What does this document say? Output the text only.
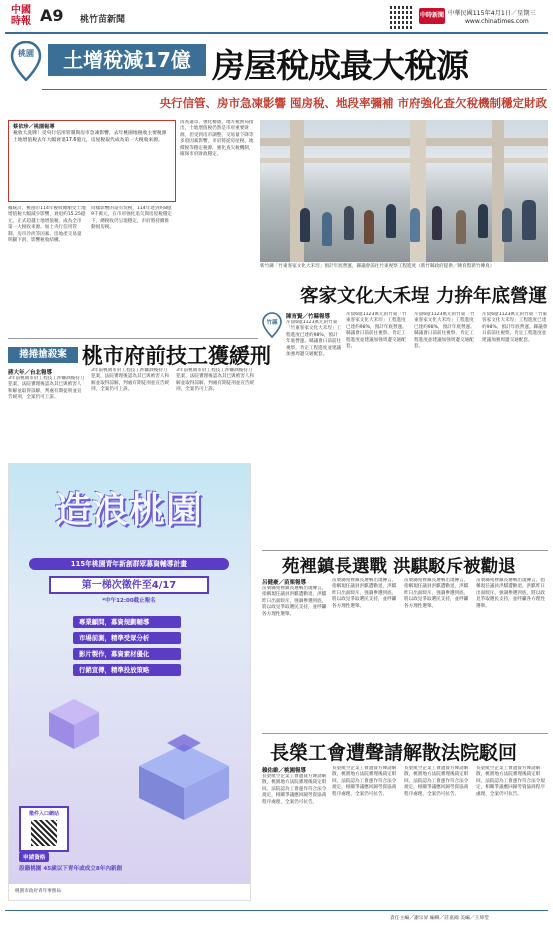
中國
時報 A9 桃竹苗新聞	中時新聞 中華民國115年4月1日／星期三
www.chinatimes.com
桃園	土增稅減17億 房屋稅成最大稅源
央行信管、房市急凍影響 囤房稅、地段率彌補 市府強化查欠稅機制穩定財政
蔡依珍／桃園報導
稅收大洗牌！受央行信用管制與房市急凍影響，去年桃園地稅收主要稅源土地增值稅去年大幅衰退17.6億元，房屋稅取代成為第一大稅收來源。
據統計，桃園市114年稅收總額受土地增值稅大幅減少影響，衰退約15.25億元，正式超越土地增值稅，成為全市第一大稅收來源。加上央行信用管制、房市冷淡等因素，房地產交易量明顯下滑，影響稅收結構。
同樣影響的還有契稅，114年達到約8億9千萬元，在市府強化追欠與房屋稅穩定下，總稅收仍呈現穩定，市府將持續推動囤房稅。
清查違章、強化稽徵，地方稅務局指出，土地增值稅仍然是市府重要財源，但受到房市調整、交易量下降等多項因素影響，市府將從房屋稅、地價稅等穩定稅源，強化查欠稅機制，確保市府財政穩定。
新竹縣「竹東客家文化大禾埕」預計年底營運，縣議會前往竹東視察工程進度（新竹縣政府提供／陳育賢新竹傳真）
客家文化大禾埕 力拚年底營運
捲捲搶殺案 桃市府前技工獲緩刑
蔣大年／台北報導
3年前桃園市府工程技工涉嫌酒後持刀犯案，法院審理後認為其已與被害人和解並取得諒解，判處有期徒刑並宣告緩刑，全案仍可上訴。
3年前桃園市府工程技工涉嫌酒後持刀犯案，法院審理後認為其已與被害人和解並取得諒解，判處有期徒刑並宣告緩刑，全案仍可上訴。
3年前桃園市府工程技工涉嫌酒後持刀犯案，法院審理後認為其已與被害人和解並取得諒解，判處有期徒刑並宣告緩刑，全案仍可上訴。
造浪桃園
115年桃園青年新創群眾募資輔導計畫
第一梯次徵件至4/17
*中午12:00截止報名
專業顧問，募資規劃輔導
市場前測，精準受眾分析
影片製作，募資素材優化
行銷宣傳，精準投放策略
徵件入口網站
申請資格
設籍桃園 45歲以下青年或成立8年內新創
桃園市政府青年事務局
竹縣
陳育賢／竹縣報導
斥資6億1123萬元的竹東「竹東客家文化大禾埕」工程進度已達約98%，預計年底營運。縣議會日前前往視察，肯定工程進度並建議加強周邊交通配套。
斥資6億1123萬元的竹東「竹東客家文化大禾埕」工程進度已達約98%，預計年底營運。縣議會日前前往視察，肯定工程進度並建議加強周邊交通配套。
斥資6億1123萬元的竹東「竹東客家文化大禾埕」工程進度已達約98%，預計年底營運。縣議會日前前往視察，肯定工程進度並建議加強周邊交通配套。
斥資6億1123萬元的竹東「竹東客家文化大禾埕」工程進度已達約98%，預計年底營運。縣議會日前前往視察，肯定工程進度並建議加強周邊交通配套。
苑裡鎮長選戰 洪騏駁斥被勸退
呂健豪／苗栗報導
苗栗縣苑裡鎮長選戰出現傳言，指稱現任議員洪騏遭勸退，洪騏昨日出面駁斥，強調參選到底，將以政見爭取選民支持，並呼籲各方理性選舉。
苗栗縣苑裡鎮長選戰出現傳言，指稱現任議員洪騏遭勸退，洪騏昨日出面駁斥，強調參選到底，將以政見爭取選民支持，並呼籲各方理性選舉。
苗栗縣苑裡鎮長選戰出現傳言，指稱現任議員洪騏遭勸退，洪騏昨日出面駁斥，強調參選到底，將以政見爭取選民支持，並呼籲各方理性選舉。
苗栗縣苑裡鎮長選戰出現傳言，指稱現任議員洪騏遭勸退，洪騏昨日出面駁斥，強調參選到底，將以政見爭取選民支持，並呼籲各方理性選舉。
長榮工會遭聲請解散法院駁回
賴佑維／桃園報導
長榮航空企業工會遭資方聲請解散，桃園地方法院審理後裁定駁回。法院認為工會運作符合法令規定，相關爭議應回歸勞資協商程序處理，全案仍可抗告。
長榮航空企業工會遭資方聲請解散，桃園地方法院審理後裁定駁回。法院認為工會運作符合法令規定，相關爭議應回歸勞資協商程序處理，全案仍可抗告。
長榮航空企業工會遭資方聲請解散，桃園地方法院審理後裁定駁回。法院認為工會運作符合法令規定，相關爭議應回歸勞資協商程序處理，全案仍可抗告。
長榮航空企業工會遭資方聲請解散，桃園地方法院審理後裁定駁回。法院認為工會運作符合法令規定，相關爭議應回歸勞資協商程序處理，全案仍可抗告。
責任主編／謝宗昇 編輯／莊嘉錦 美編／王瑋瑩
